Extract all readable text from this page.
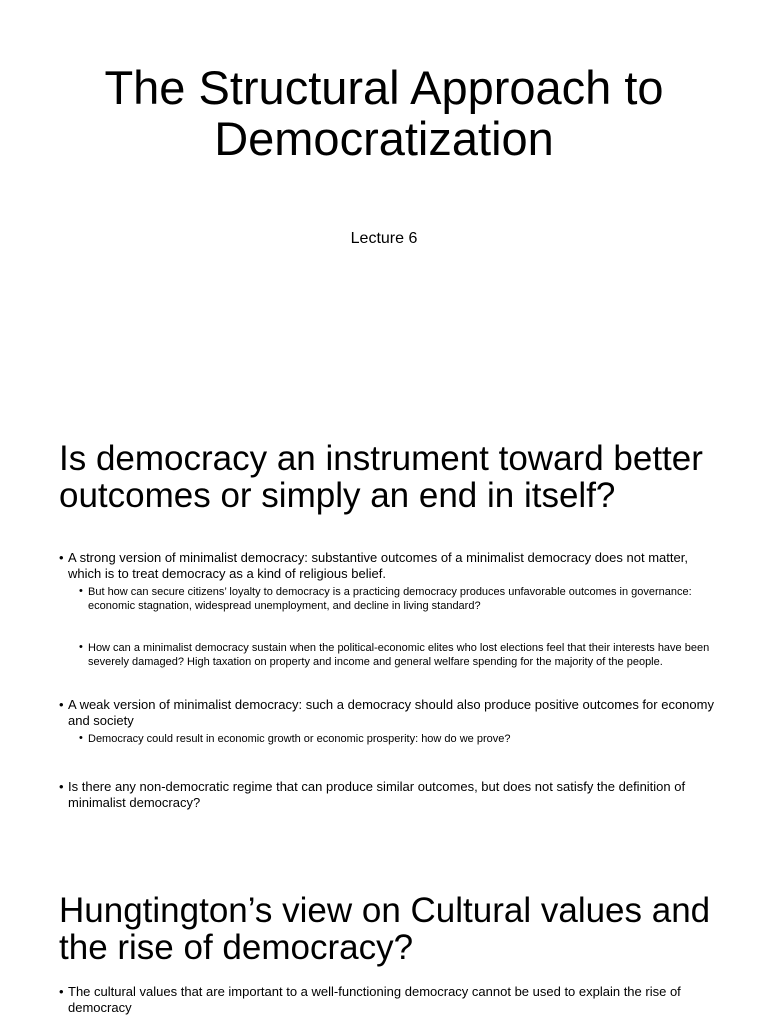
The Structural Approach to Democratization
Lecture 6
Is democracy an instrument toward better outcomes or simply an end in itself?
• A strong version of minimalist democracy: substantive outcomes of a minimalist democracy does not matter, which is to treat democracy as a kind of religious belief.
• But how can secure citizens’ loyalty to democracy is a practicing democracy produces unfavorable outcomes in governance: economic stagnation, widespread unemployment, and decline in living standard?
• How can a minimalist democracy sustain when the political-economic elites who lost elections feel that their interests have been severely damaged? High taxation on property and income and general welfare spending for the majority of the people.
• A weak version of minimalist democracy: such a democracy should also produce positive outcomes for economy and society
• Democracy could result in economic growth or economic prosperity: how do we prove?
• Is there any non-democratic regime that can produce similar outcomes, but does not satisfy the definition of minimalist democracy?
Hungtington’s view on Cultural values and the rise of democracy?
• The cultural values that are important to a well-functioning democracy cannot be used to explain the rise of democracy
